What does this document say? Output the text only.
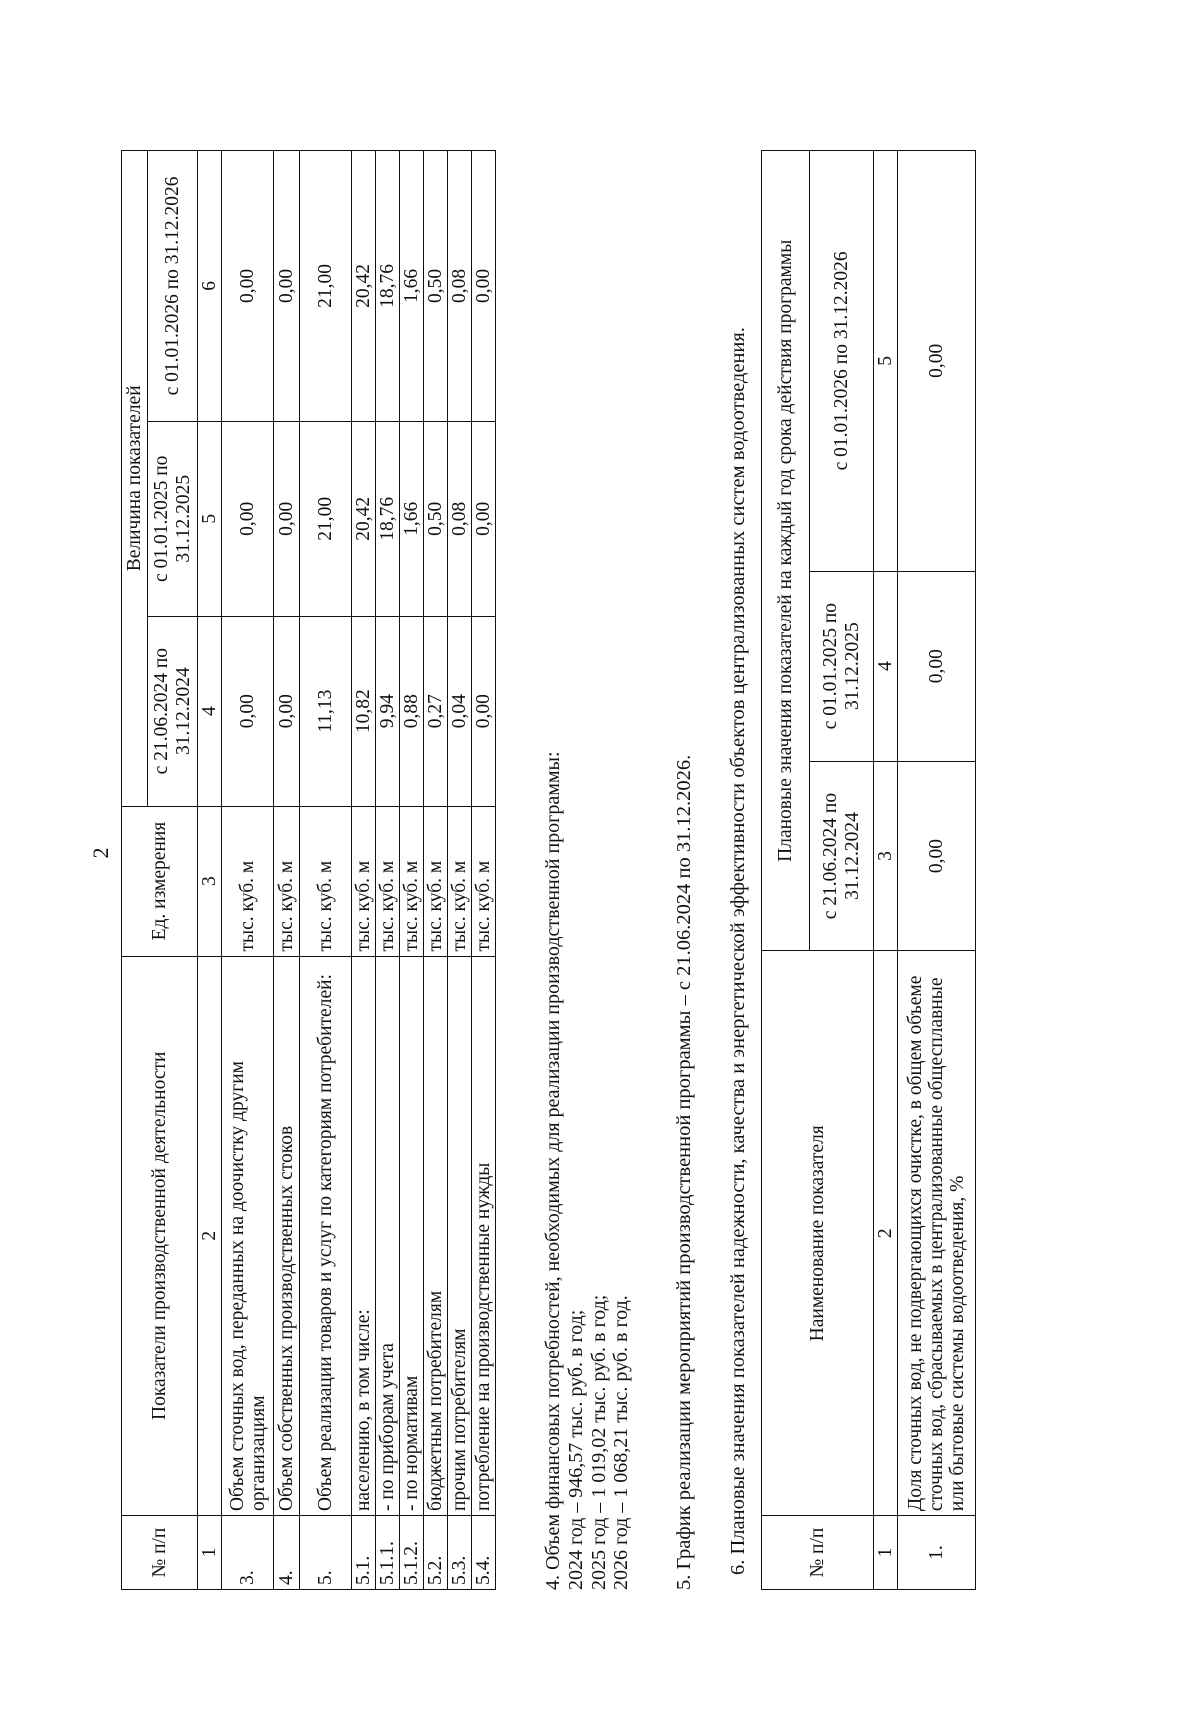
2
№ п/п	Показатели производственной деятельности	Ед. измерения	Величина показателей		
			с 21.06.2024 по 31.12.2024	с 01.01.2025 по 31.12.2025	с 01.01.2026 по 31.12.2026
1	2	3	4	5	6
3.	Объем сточных вод, переданных на доочистку другим организациям	тыс. куб. м	0,00	0,00	0,00
4.	Объем собственных производственных стоков	тыс. куб. м	0,00	0,00	0,00
5.	Объем реализации товаров и услуг по категориям потребителей:	тыс. куб. м	11,13	21,00	21,00
5.1.	населению, в том числе:	тыс. куб. м	10,82	20,42	20,42
5.1.1.	- по приборам учета	тыс. куб. м	9,94	18,76	18,76
5.1.2.	- по нормативам	тыс. куб. м	0,88	1,66	1,66
5.2.	бюджетным потребителям	тыс. куб. м	0,27	0,50	0,50
5.3.	прочим потребителям	тыс. куб. м	0,04	0,08	0,08
5.4.	потребление на производственные нужды	тыс. куб. м	0,00	0,00	0,00
4. Объем финансовых потребностей, необходимых для реализации производственной программы: 2024 год – 946,57 тыс. руб. в год; 2025 год – 1 019,02 тыс. руб. в год; 2026 год – 1 068,21 тыс. руб. в год. 5. График реализации мероприятий производственной программы – с 21.06.2024 по 31.12.2026. 6. Плановые значения показателей надежности, качества и энергетической эффективности объектов централизованных систем водоотведения.	№ п/п	Наименование показателя	Плановые значения показателей на каждый год срока действия программы		
		с 21.06.2024 по 31.12.2024	с 01.01.2025 по 31.12.2025	с 01.01.2026 по 31.12.2026
1	2	3	4	5
1.	Доля сточных вод, не подвергающихся очистке, в общем объеме сточных вод, сбрасываемых в централизованные общесплавные или бытовые системы водоотведения, %	0,00	0,00	0,00
